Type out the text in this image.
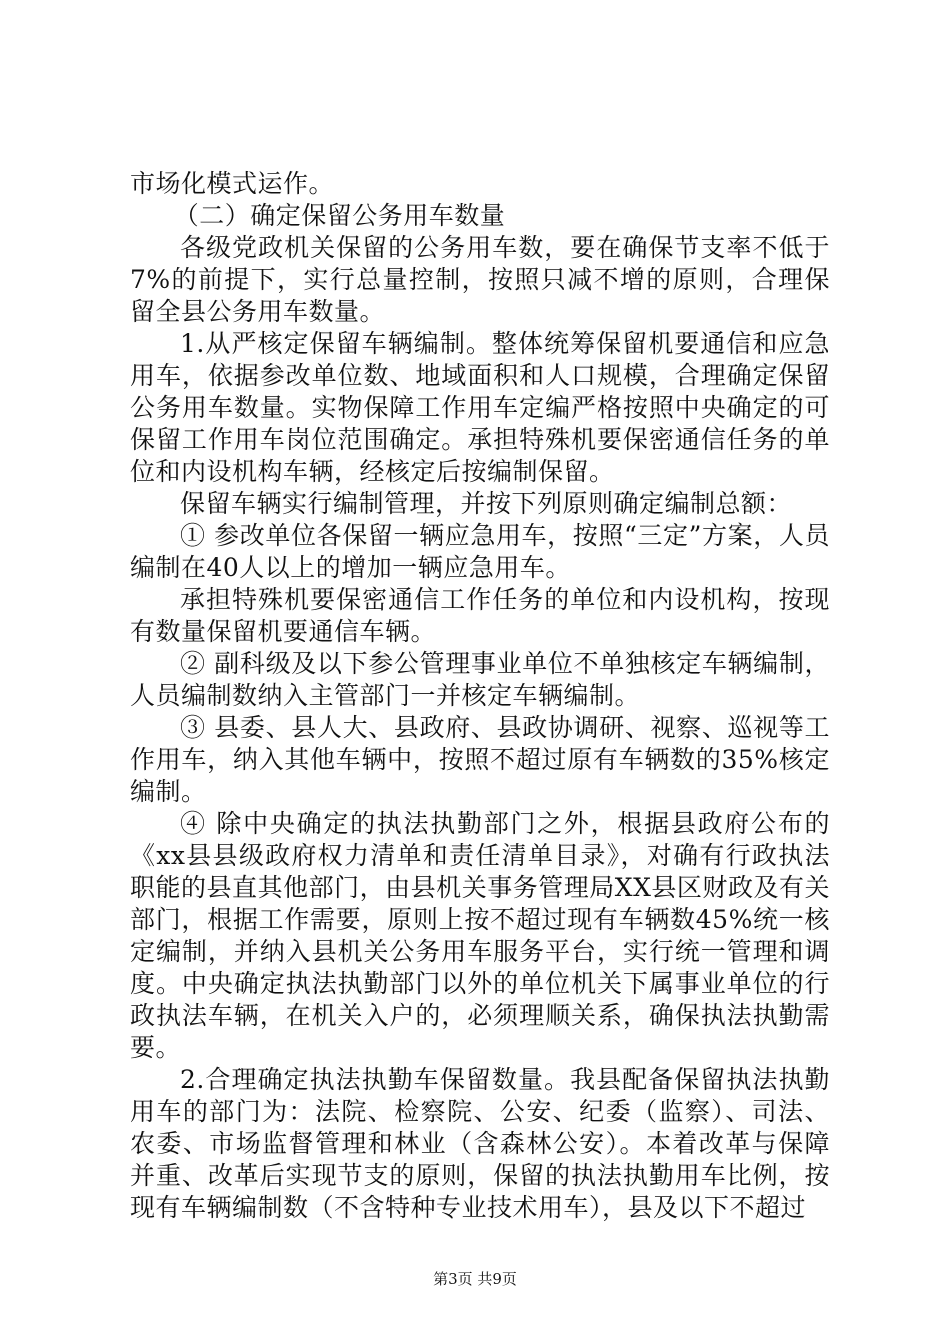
市场化模式运作。

（二）确定保留公务用车数量

各级党政机关保留的公务用车数，要在确保节支率不低于7%的前提下，实行总量控制，按照只减不增的原则，合理保留全县公务用车数量。

1.从严核定保留车辆编制。整体统筹保留机要通信和应急用车，依据参改单位数、地域面积和人口规模，合理确定保留公务用车数量。实物保障工作用车定编严格按照中央确定的可保留工作用车岗位范围确定。承担特殊机要保密通信任务的单位和内设机构车辆，经核定后按编制保留。

保留车辆实行编制管理，并按下列原则确定编制总额：

① 参改单位各保留一辆应急用车，按照“三定”方案，人员编制在40人以上的增加一辆应急用车。

承担特殊机要保密通信工作任务的单位和内设机构，按现有数量保留机要通信车辆。

② 副科级及以下参公管理事业单位不单独核定车辆编制，人员编制数纳入主管部门一并核定车辆编制。

③ 县委、县人大、县政府、县政协调研、视察、巡视等工作用车，纳入其他车辆中，按照不超过原有车辆数的35%核定编制。

④ 除中央确定的执法执勤部门之外，根据县政府公布的《xx县县级政府权力清单和责任清单目录》，对确有行政执法职能的县直其他部门，由县机关事务管理局XX县区财政及有关部门，根据工作需要，原则上按不超过现有车辆数45%统一核定编制，并纳入县机关公务用车服务平台，实行统一管理和调度。中央确定执法执勤部门以外的单位机关下属事业单位的行政执法车辆，在机关入户的，必须理顺关系，确保执法执勤需要。

2.合理确定执法执勤车保留数量。我县配备保留执法执勤用车的部门为：法院、检察院、公安、纪委（监察）、司法、农委、市场监督管理和林业（含森林公安）。本着改革与保障并重、改革后实现节支的原则，保留的执法执勤用车比例，按现有车辆编制数（不含特种专业技术用车），县及以下不超过

第3页 共9页
